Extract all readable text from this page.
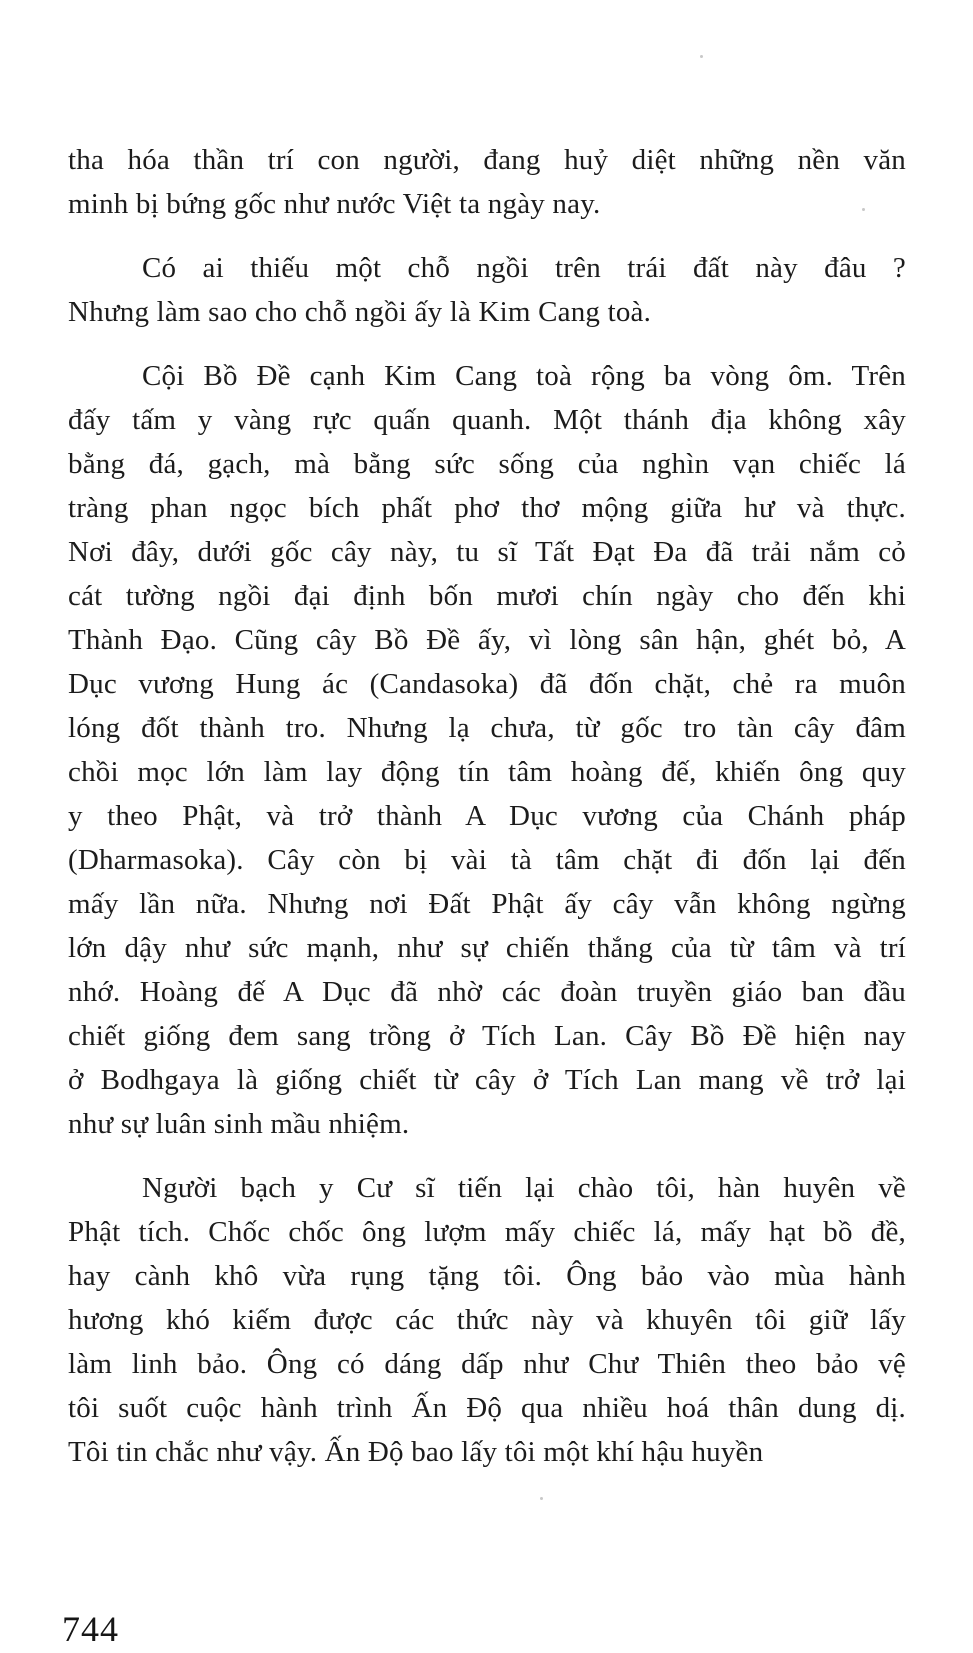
tha hóa thần trí con người, đang huỷ diệt những nền văn
minh bị bứng gốc như nước Việt ta ngày nay.
Có ai thiếu một chỗ ngồi trên trái đất này đâu ?
Nhưng làm sao cho chỗ ngồi ấy là Kim Cang toà.
Cội Bồ Đề cạnh Kim Cang toà rộng ba vòng ôm. Trên
đấy tấm y vàng rực quấn quanh. Một thánh địa không xây
bằng đá, gạch, mà bằng sức sống của nghìn vạn chiếc lá
tràng phan ngọc bích phất phơ thơ mộng giữa hư và thực.
Nơi đây, dưới gốc cây này, tu sĩ Tất Đạt Đa đã trải nắm cỏ
cát tường ngồi đại định bốn mươi chín ngày cho đến khi
Thành Đạo. Cũng cây Bồ Đề ấy, vì lòng sân hận, ghét bỏ, A
Dục vương Hung ác (Candasoka) đã đốn chặt, chẻ ra muôn
lóng đốt thành tro. Nhưng lạ chưa, từ gốc tro tàn cây đâm
chồi mọc lớn làm lay động tín tâm hoàng đế, khiến ông quy
y theo Phật, và trở thành A Dục vương của Chánh pháp
(Dharmasoka). Cây còn bị vài tà tâm chặt đi đốn lại đến
mấy lần nữa. Nhưng nơi Đất Phật ấy cây vẫn không ngừng
lớn dậy như sức mạnh, như sự chiến thắng của từ tâm và trí
nhớ. Hoàng đế A Dục đã nhờ các đoàn truyền giáo ban đầu
chiết giống đem sang trồng ở Tích Lan. Cây Bồ Đề hiện nay
ở Bodhgaya là giống chiết từ cây ở Tích Lan mang về trở lại
như sự luân sinh mầu nhiệm.
Người bạch y Cư sĩ tiến lại chào tôi, hàn huyên về
Phật tích. Chốc chốc ông lượm mấy chiếc lá, mấy hạt bồ đề,
hay cành khô vừa rụng tặng tôi. Ông bảo vào mùa hành
hương khó kiếm được các thức này và khuyên tôi giữ lấy
làm linh bảo. Ông có dáng dấp như Chư Thiên theo bảo vệ
tôi suốt cuộc hành trình Ấn Độ qua nhiều hoá thân dung dị.
Tôi tin chắc như vậy. Ấn Độ bao lấy tôi một khí hậu huyền
744
